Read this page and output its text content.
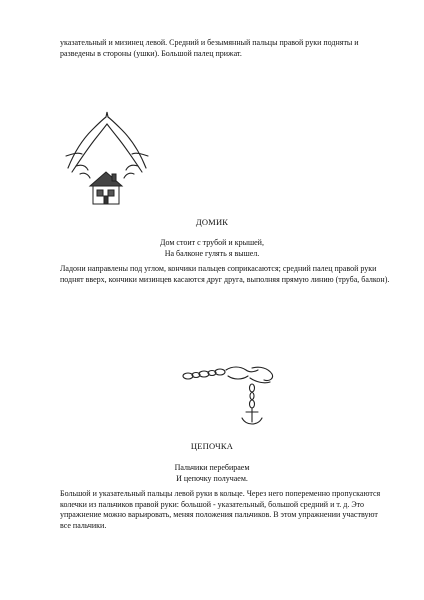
указательный и мизинец левой. Средний и безымянный пальцы правой руки подняты и разведены в стороны (ушки). Большой палец прижат.
ДОМИК
Дом стоит с трубой и крышей,
На балконе гулять я вышел.
Ладони направлены под углом, кончики пальцев соприкасаются; средний палец правой руки поднят вверх, кончики мизинцев касаются друг друга, выполняя прямую линию (труба, балкон).
ЦЕПОЧКА
Пальчики перебираем
И цепочку получаем.
Большой и указательный пальцы левой руки в кольце. Через него попеременно пропускаются колечки из пальчиков правой руки: большой - указательный, большой средний и т. д. Это упражнение можно варьировать, меняя положения пальчиков. В этом упражнении участвуют все пальчики.
